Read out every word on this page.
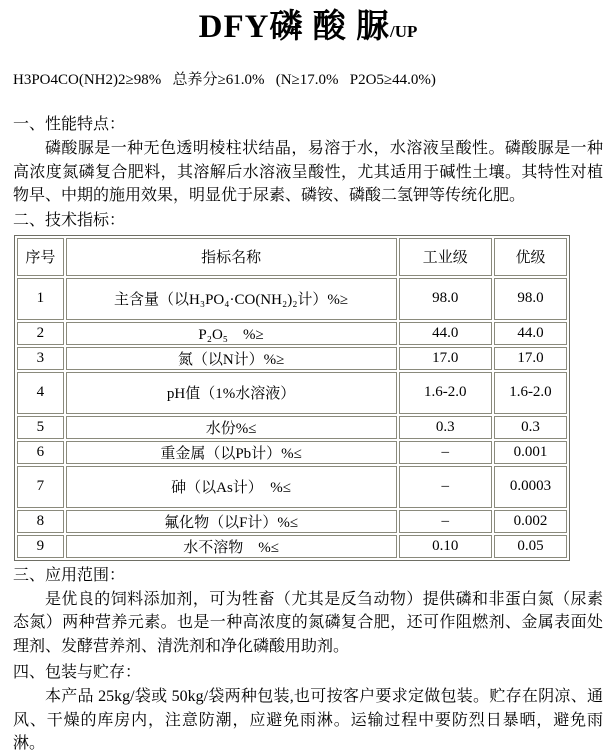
DFY磷 酸 脲/UP

H3PO4CO(NH2)2≥98%   总养分≥61.0%   (N≥17.0%   P2O5≥44.0%)

一、性能特点：

磷酸脲是一种无色透明棱柱状结晶，易溶于水，水溶液呈酸性。磷酸脲是一种高浓度氮磷复合肥料，其溶解后水溶液呈酸性，尤其适用于碱性土壤。其特性对植物早、中期的施用效果，明显优于尿素、磷铵、磷酸二氢钾等传统化肥。

二、技术指标：
序号	指标名称	工业级	优级
1	主含量（以H₃PO₄·CO(NH₂)₂计）%≥	98.0	98.0
2	P₂O₅　%≥	44.0	44.0
3	氮（以N计）%≥	17.0	17.0
4	pH值（1%水溶液）	1.6-2.0	1.6-2.0
5	水份%≤	0.3	0.3
6	重金属（以Pb计）%≤	–	0.001
7	砷（以As计）　%≤	–	0.0003
8	氟化物（以F计）%≤	–	0.002
9	水不溶物　%≤	0.10	0.05
三、应用范围：

是优良的饲料添加剂，可为牲畜（尤其是反刍动物）提供磷和非蛋白氮（尿素态氮）两种营养元素。也是一种高浓度的氮磷复合肥，还可作阻燃剂、金属表面处理剂、发酵营养剂、清洗剂和净化磷酸用助剂。

四、包装与贮存：

本产品 25kg/袋或 50kg/袋两种包装,也可按客户要求定做包装。贮存在阴凉、通风、干燥的库房内，注意防潮，应避免雨淋。运输过程中要防烈日暴晒，避免雨淋。
